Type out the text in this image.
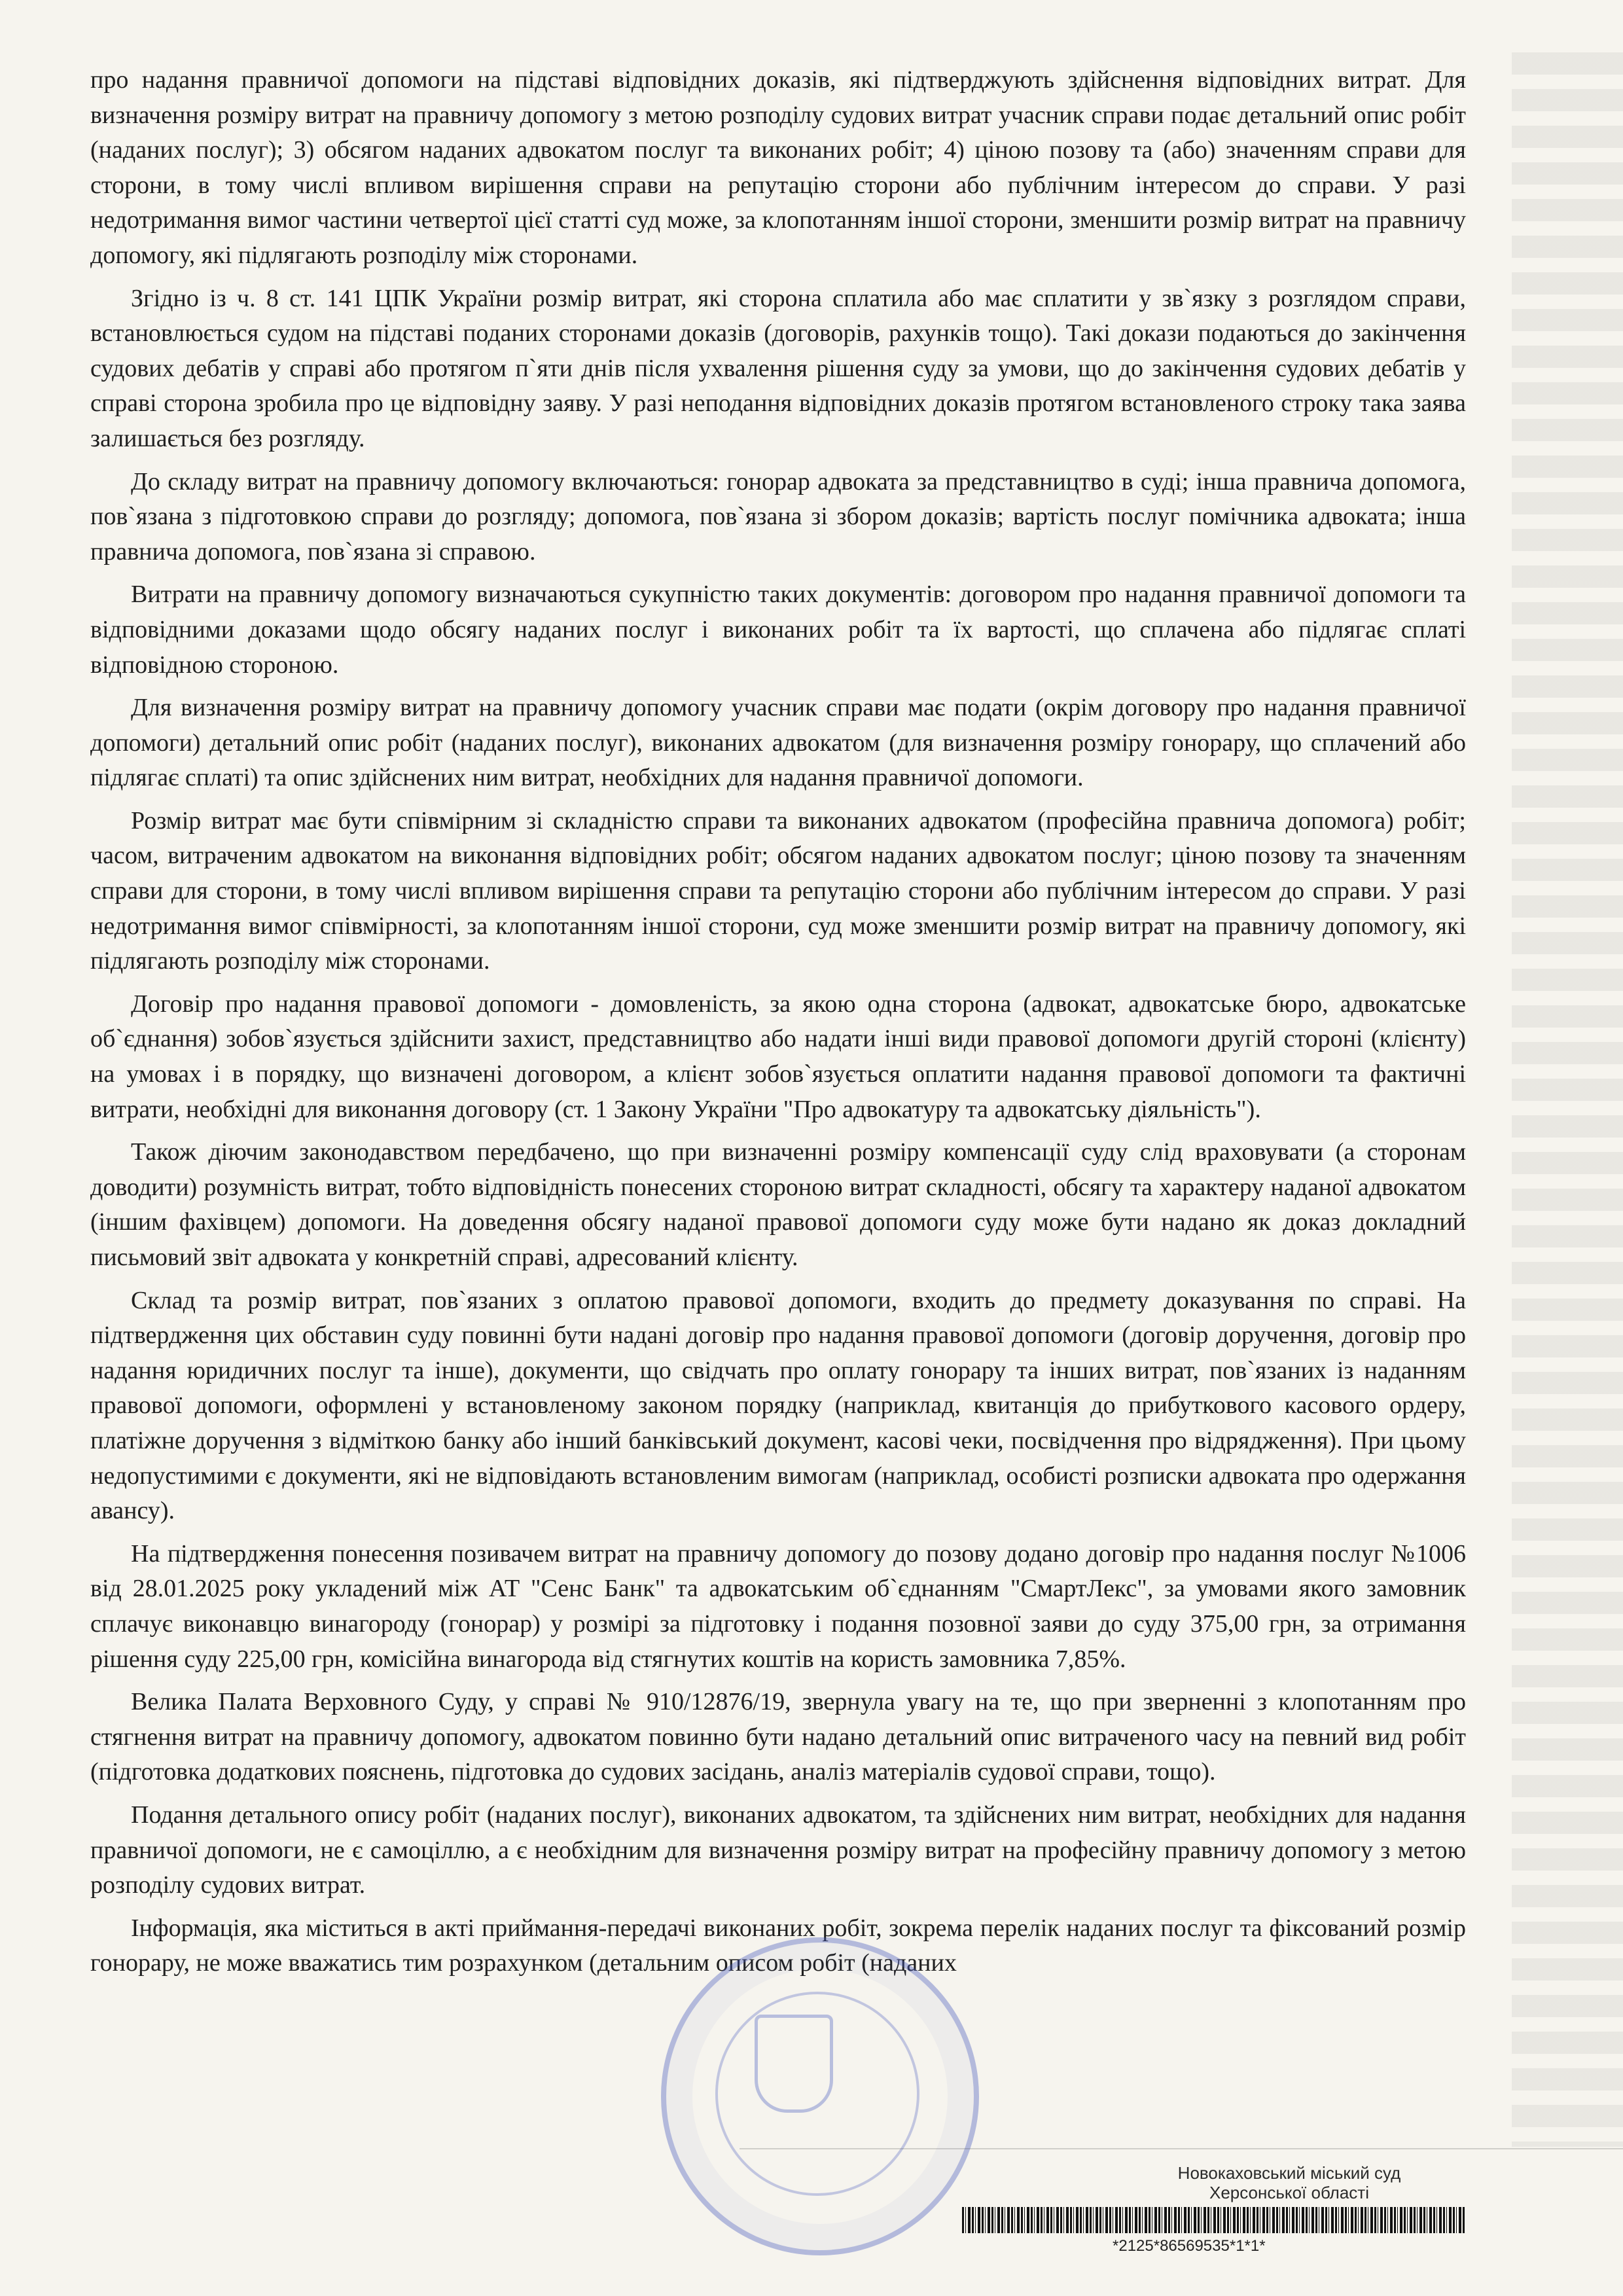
про надання правничої допомоги на підставі відповідних доказів, які підтверджують здійснення відповідних витрат. Для визначення розміру витрат на правничу допомогу з метою розподілу судових витрат учасник справи подає детальний опис робіт (наданих послуг); 3) обсягом наданих адвокатом послуг та виконаних робіт; 4) ціною позову та (або) значенням справи для сторони, в тому числі впливом вирішення справи на репутацію сторони або публічним інтересом до справи. У разі недотримання вимог частини четвертої цієї статті суд може, за клопотанням іншої сторони, зменшити розмір витрат на правничу допомогу, які підлягають розподілу між сторонами.

Згідно із ч. 8 ст. 141 ЦПК України розмір витрат, які сторона сплатила або має сплатити у зв`язку з розглядом справи, встановлюється судом на підставі поданих сторонами доказів (договорів, рахунків тощо). Такі докази подаються до закінчення судових дебатів у справі або протягом п`яти днів після ухвалення рішення суду за умови, що до закінчення судових дебатів у справі сторона зробила про це відповідну заяву. У разі неподання відповідних доказів протягом встановленого строку така заява залишається без розгляду.

До складу витрат на правничу допомогу включаються: гонорар адвоката за представництво в суді; інша правнича допомога, пов`язана з підготовкою справи до розгляду; допомога, пов`язана зі збором доказів; вартість послуг помічника адвоката; інша правнича допомога, пов`язана зі справою.

Витрати на правничу допомогу визначаються сукупністю таких документів: договором про надання правничої допомоги та відповідними доказами щодо обсягу наданих послуг і виконаних робіт та їх вартості, що сплачена або підлягає сплаті відповідною стороною.

Для визначення розміру витрат на правничу допомогу учасник справи має подати (окрім договору про надання правничої допомоги) детальний опис робіт (наданих послуг), виконаних адвокатом (для визначення розміру гонорару, що сплачений або підлягає сплаті) та опис здійснених ним витрат, необхідних для надання правничої допомоги.

Розмір витрат має бути співмірним зі складністю справи та виконаних адвокатом (професійна правнича допомога) робіт; часом, витраченим адвокатом на виконання відповідних робіт; обсягом наданих адвокатом послуг; ціною позову та значенням справи для сторони, в тому числі впливом вирішення справи та репутацію сторони або публічним інтересом до справи. У разі недотримання вимог співмірності, за клопотанням іншої сторони, суд може зменшити розмір витрат на правничу допомогу, які підлягають розподілу між сторонами.

Договір про надання правової допомоги - домовленість, за якою одна сторона (адвокат, адвокатське бюро, адвокатське об`єднання) зобов`язується здійснити захист, представництво або надати інші види правової допомоги другій стороні (клієнту) на умовах і в порядку, що визначені договором, а клієнт зобов`язується оплатити надання правової допомоги та фактичні витрати, необхідні для виконання договору (ст. 1 Закону України "Про адвокатуру та адвокатську діяльність").

Також діючим законодавством передбачено, що при визначенні розміру компенсації суду слід враховувати (а сторонам доводити) розумність витрат, тобто відповідність понесених стороною витрат складності, обсягу та характеру наданої адвокатом (іншим фахівцем) допомоги. На доведення обсягу наданої правової допомоги суду може бути надано як доказ докладний письмовий звіт адвоката у конкретній справі, адресований клієнту.

Склад та розмір витрат, пов`язаних з оплатою правової допомоги, входить до предмету доказування по справі. На підтвердження цих обставин суду повинні бути надані договір про надання правової допомоги (договір доручення, договір про надання юридичних послуг та інше), документи, що свідчать про оплату гонорару та інших витрат, пов`язаних із наданням правової допомоги, оформлені у встановленому законом порядку (наприклад, квитанція до прибуткового касового ордеру, платіжне доручення з відміткою банку або інший банківський документ, касові чеки, посвідчення про відрядження). При цьому недопустимими є документи, які не відповідають встановленим вимогам (наприклад, особисті розписки адвоката про одержання авансу).

На підтвердження понесення позивачем витрат на правничу допомогу до позову додано договір про надання послуг №1006 від 28.01.2025 року укладений між АТ "Сенс Банк" та адвокатським об`єднанням "СмартЛекс", за умовами якого замовник сплачує виконавцю винагороду (гонорар) у розмірі за підготовку і подання позовної заяви до суду 375,00 грн, за отримання рішення суду 225,00 грн, комісійна винагорода від стягнутих коштів на користь замовника 7,85%.

Велика Палата Верховного Суду, у справі № 910/12876/19, звернула увагу на те, що при зверненні з клопотанням про стягнення витрат на правничу допомогу, адвокатом повинно бути надано детальний опис витраченого часу на певний вид робіт (підготовка додаткових пояснень, підготовка до судових засідань, аналіз матеріалів судової справи, тощо).

Подання детального опису робіт (наданих послуг), виконаних адвокатом, та здійснених ним витрат, необхідних для надання правничої допомоги, не є самоціллю, а є необхідним для визначення розміру витрат на професійну правничу допомогу з метою розподілу судових витрат.

Інформація, яка міститься в акті приймання-передачі виконаних робіт, зокрема перелік наданих послуг та фіксований розмір гонорару, не може вважатись тим розрахунком (детальним описом робіт (наданих

Новокаховський міський суд
Херсонської області
*2125*86569535*1*1*
